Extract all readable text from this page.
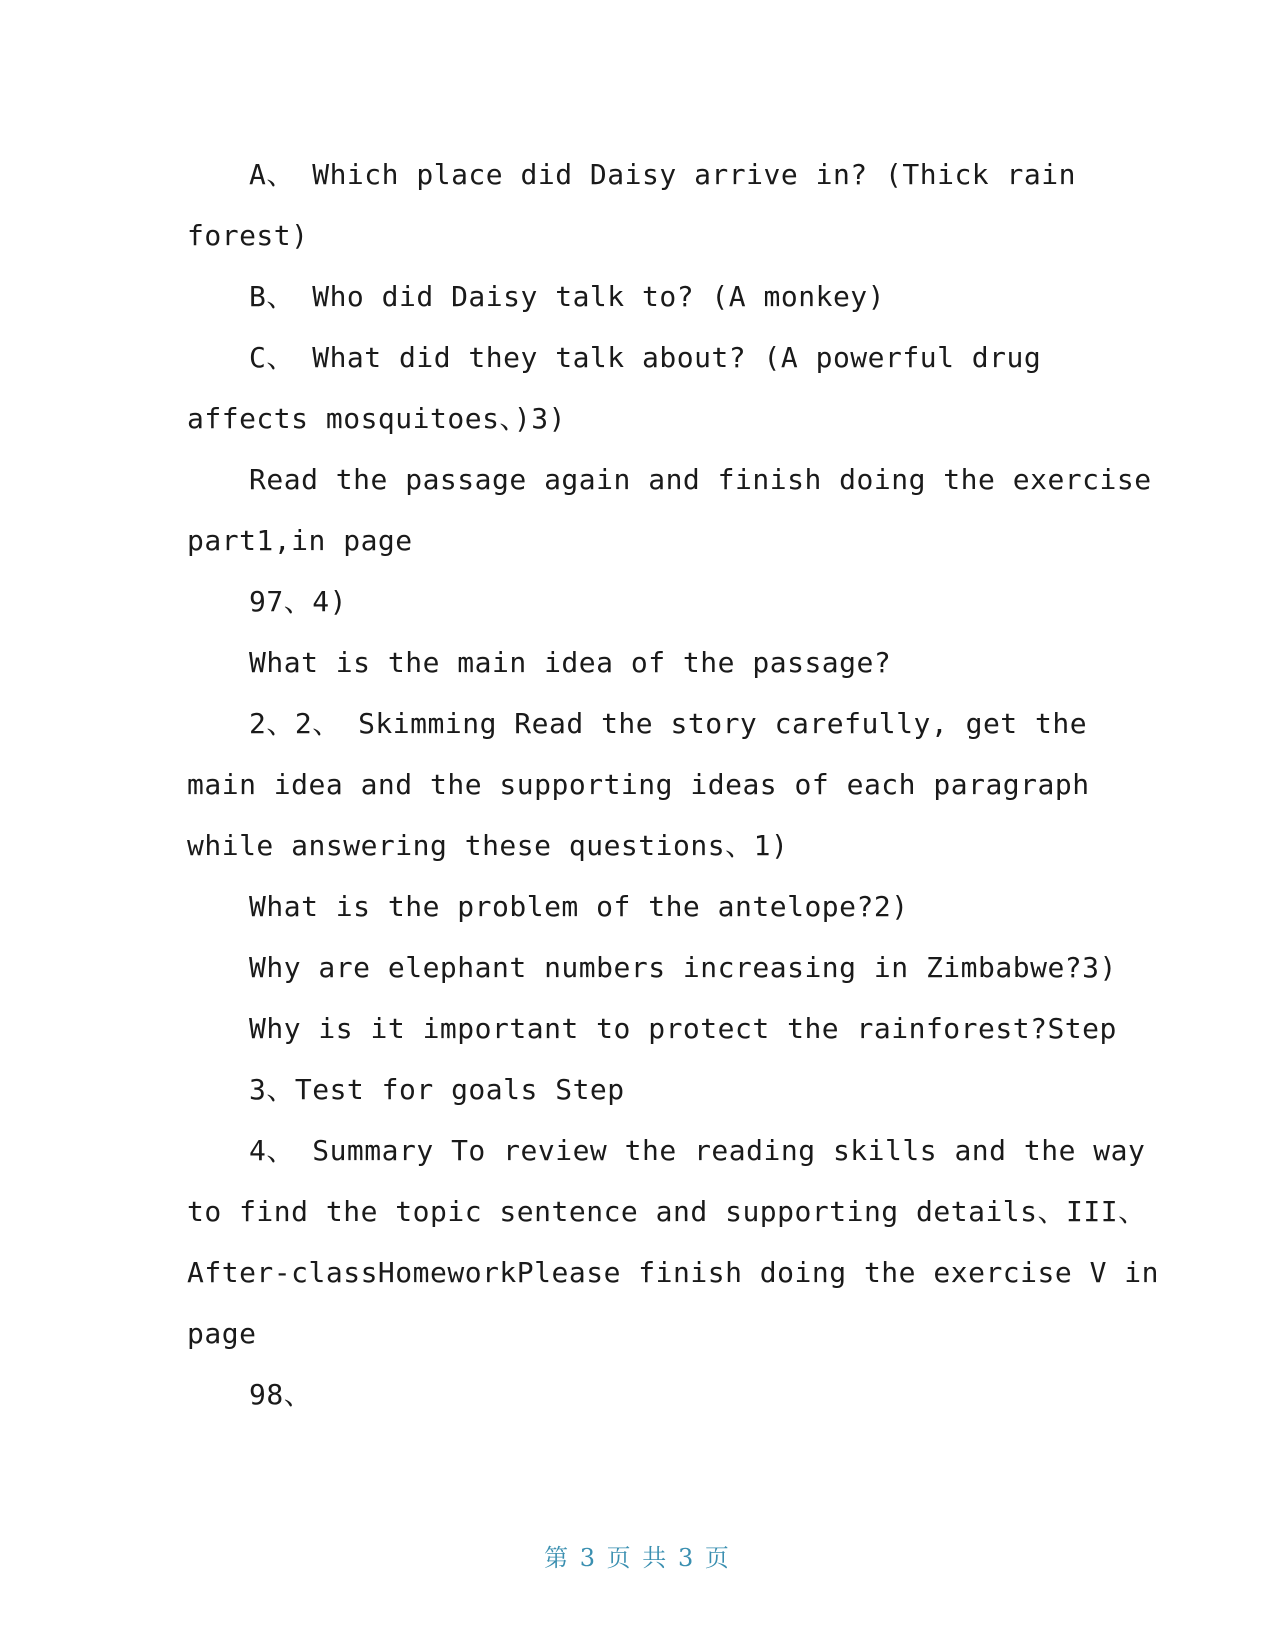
A、 Which place did Daisy arrive in? (Thick rain
forest)
B、 Who did Daisy talk to? (A monkey)
C、 What did they talk about? (A powerful drug
affects mosquitoes、)3)
Read the passage again and finish doing the exercise
part1,in page
97、4)
What is the main idea of the passage?
2、2、 Skimming Read the story carefully, get the
main idea and the supporting ideas of each paragraph
while answering these questions、1)
What is the problem of the antelope?2)
Why are elephant numbers increasing in Zimbabwe?3)
Why is it important to protect the rainforest?Step
3、Test for goals Step
4、 Summary To review the reading skills and the way
to find the topic sentence and supporting details、III、
After-classHomeworkPlease finish doing the exercise V in
page
98、
第 3 页 共 3 页
